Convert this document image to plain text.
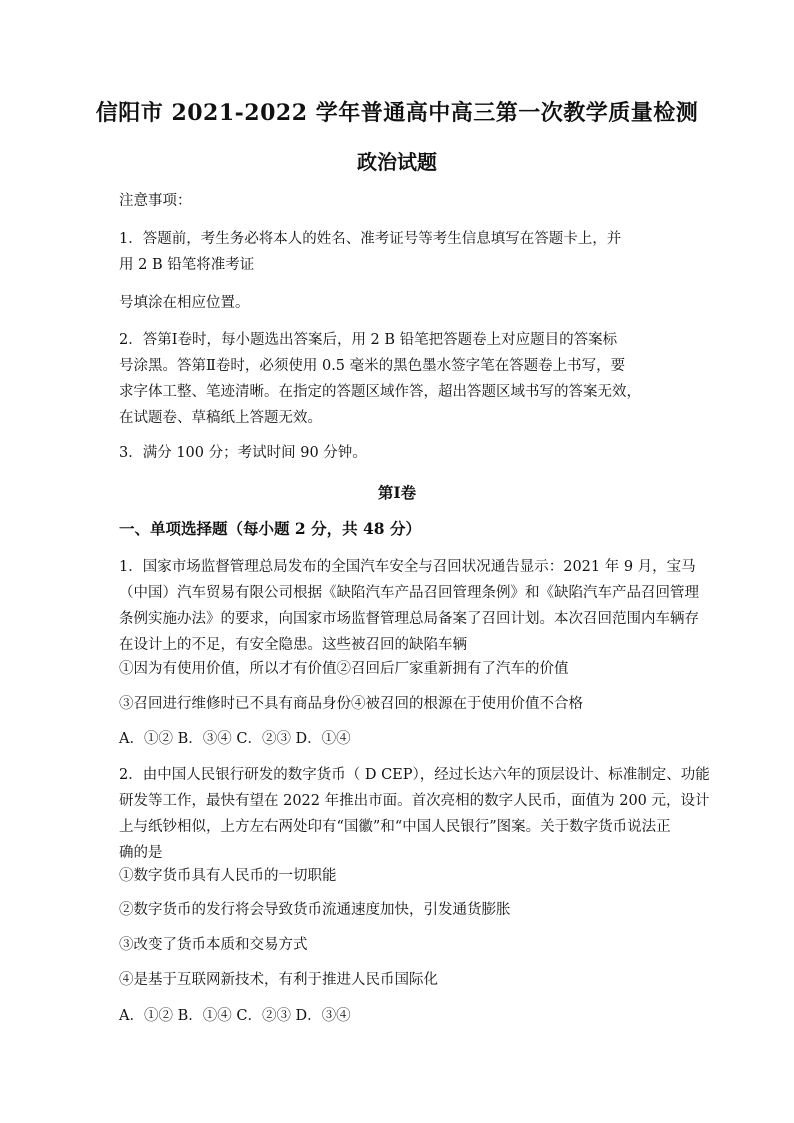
信阳市 2021-2022 学年普通高中高三第一次教学质量检测
政治试题
注意事项：
1．答题前，考生务必将本人的姓名、准考证号等考生信息填写在答题卡上，并
用 2 B 铅笔将准考证
号填涂在相应位置。
2．答第Ⅰ卷时，每小题选出答案后，用 2 B 铅笔把答题卷上对应题目的答案标
号涂黑。答第Ⅱ卷时，必须使用 0.5 毫米的黑色墨水签字笔在答题卷上书写，要
求字体工整、笔迹清晰。在指定的答题区域作答，超出答题区域书写的答案无效，
在试题卷、草稿纸上答题无效。
3．满分 100 分；考试时间 90 分钟。
第Ⅰ卷
一、单项选择题（每小题 2 分，共 48 分）
1．国家市场监督管理总局发布的全国汽车安全与召回状况通告显示：2021 年 9 月，宝马
（中国）汽车贸易有限公司根据《缺陷汽车产品召回管理条例》和《缺陷汽车产品召回管理
条例实施办法》的要求，向国家市场监督管理总局备案了召回计划。本次召回范围内车辆存
在设计上的不足，有安全隐患。这些被召回的缺陷车辆
①因为有使用价值，所以才有价值②召回后厂家重新拥有了汽车的价值
③召回进行维修时已不具有商品身份④被召回的根源在于使用价值不合格
A．①② B．③④ C．②③ D．①④
2．由中国人民银行研发的数字货币（ D CEP），经过长达六年的顶层设计、标准制定、功能
研发等工作，最快有望在 2022 年推出市面。首次亮相的数字人民币，面值为 200 元，设计
上与纸钞相似，上方左右两处印有“国徽”和“中国人民银行”图案。关于数字货币说法正
确的是
①数字货币具有人民币的一切职能
②数字货币的发行将会导致货币流通速度加快，引发通货膨胀
③改变了货币本质和交易方式
④是基于互联网新技术，有利于推进人民币国际化
A．①② B．①④ C．②③ D．③④
